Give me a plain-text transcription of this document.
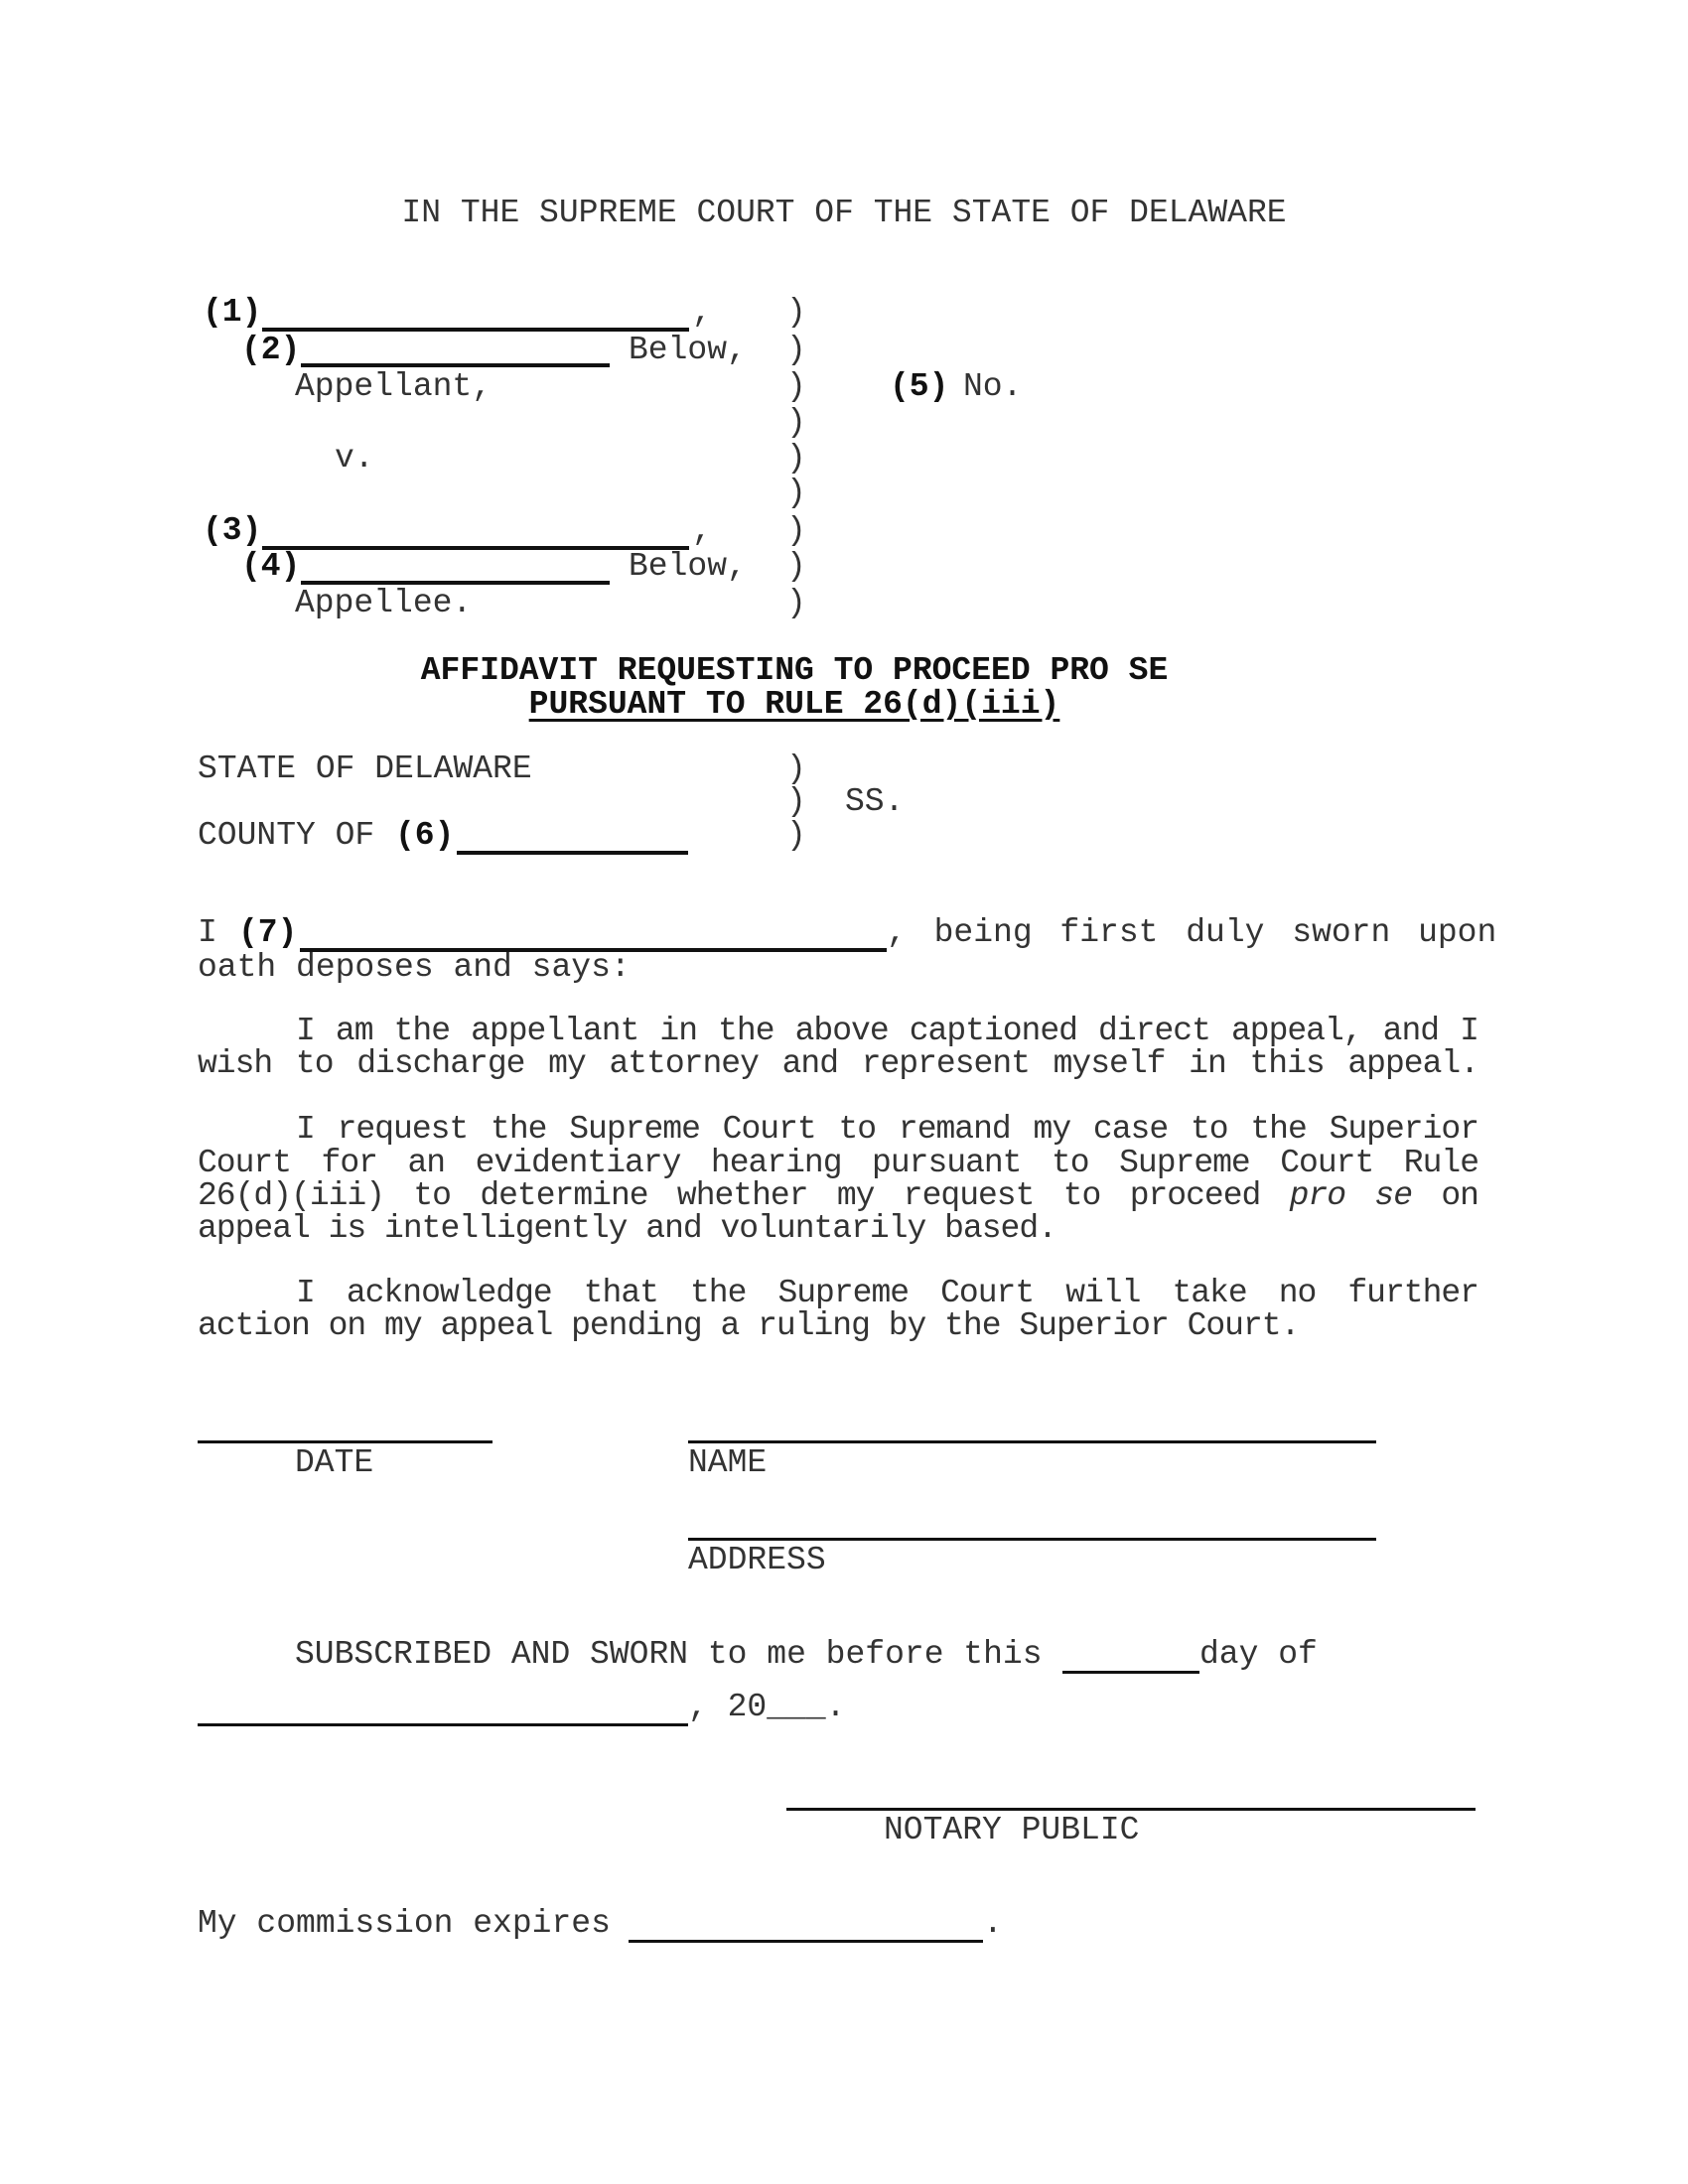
IN THE SUPREME COURT OF THE STATE OF DELAWARE
(1)	,
(2)	Below,
Appellant,
v.
(3)	,
(4)	Below,
Appellee.
)
)
)
)
)
)
)
)
)
(5) No.
AFFIDAVIT REQUESTING TO PROCEED PRO SE
PURSUANT TO RULE 26(d)(iii)
STATE OF DELAWARE
COUNTY OF (6)
)
)
)
SS.
I (7)	, being first duly sworn upon
oath deposes and says:
I am the appellant in the above captioned direct appeal, and I
wish to discharge my attorney and represent myself in this appeal.
I request the Supreme Court to remand my case to the Superior
Court for an evidentiary hearing pursuant to Supreme Court Rule
26(d)(iii) to determine whether my request to proceed pro se on
appeal is intelligently and voluntarily based.
I acknowledge that the Supreme Court will take no further
action on my appeal pending a ruling by the Superior Court.
DATE	NAME
ADDRESS
SUBSCRIBED AND SWORN to me before this	day of
, 20___.
NOTARY PUBLIC
My commission expires	.
